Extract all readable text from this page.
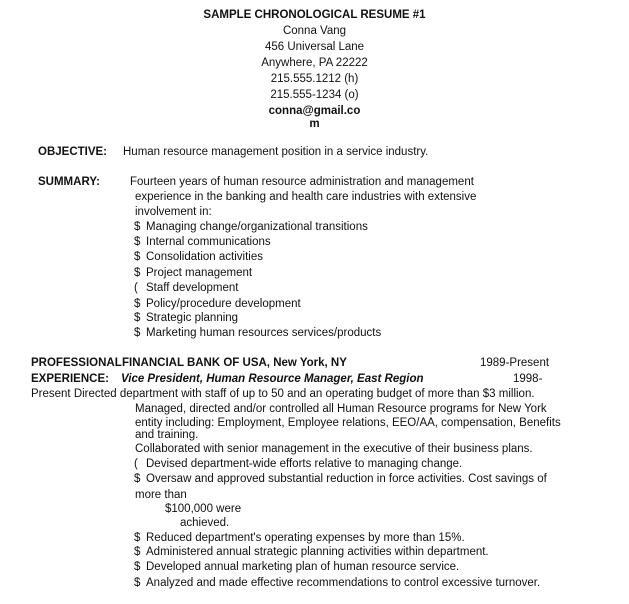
SAMPLE CHRONOLOGICAL RESUME #1
Conna Vang
456 Universal Lane
Anywhere, PA 22222
215.555.1212 (h)
215.555-1234 (o)
conna@gmail.co
m
OBJECTIVE: Human resource management position in a service industry.
SUMMARY:	Fourteen years of human resource administration and management
experience in the banking and health care industries with extensive
involvement in:
$ Managing change/organizational transitions
$ Internal communications
$ Consolidation activities
$ Project management
( Staff development
$ Policy/procedure development
$ Strategic planning
$ Marketing human resources services/products
PROFESSIONAL FINANCIAL BANK OF USA, New York, NY	1989-Present
EXPERIENCE: Vice President, Human Resource Manager, East Region	1998-
Present Directed department with staff of up to 50 and an operating budget of more than $3 million.
Managed, directed and/or controlled all Human Resource programs for New York
entity including: Employment, Employee relations, EEO/AA, compensation, Benefits
and training.
Collaborated with senior management in the executive of their business plans.
( Devised department-wide efforts relative to managing change.
$ Oversaw and approved substantial reduction in force activities. Cost savings of
more than
$100,000 were
achieved.
$ Reduced department's operating expenses by more than 15%.
$ Administered annual strategic planning activities within department.
$ Developed annual marketing plan of human resource service.
$ Analyzed and made effective recommendations to control excessive turnover.
